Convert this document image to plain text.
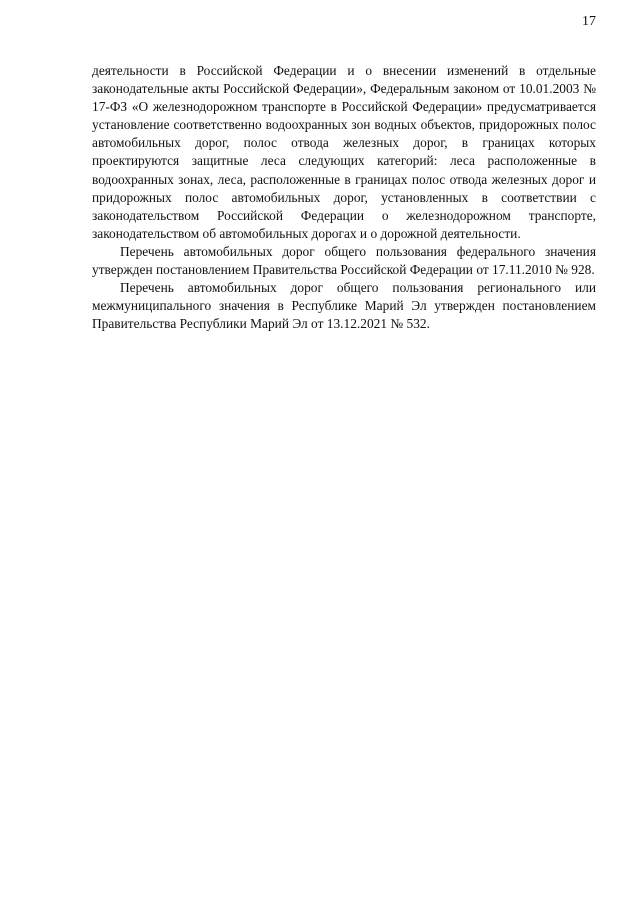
17

деятельности в Российской Федерации и о внесении изменений в отдельные законодательные акты Российской Федерации», Федеральным законом от 10.01.2003 № 17-ФЗ «О железнодорожном транспорте в Российской Федерации» предусматривается установление соответственно водоохранных зон водных объектов, придорожных полос автомобильных дорог, полос отвода железных дорог, в границах которых проектируются защитные леса следующих категорий: леса расположенные в водоохранных зонах, леса, расположенные в границах полос отвода железных дорог и придорожных полос автомобильных дорог, установленных в соответствии с законодательством Российской Федерации о железнодорожном транспорте, законодательством об автомобильных дорогах и о дорожной деятельности.

Перечень автомобильных дорог общего пользования федерального значения утвержден постановлением Правительства Российской Федерации от 17.11.2010 № 928.

Перечень автомобильных дорог общего пользования регионального или межмуниципального значения в Республике Марий Эл утвержден постановлением Правительства Республики Марий Эл от 13.12.2021 № 532.
